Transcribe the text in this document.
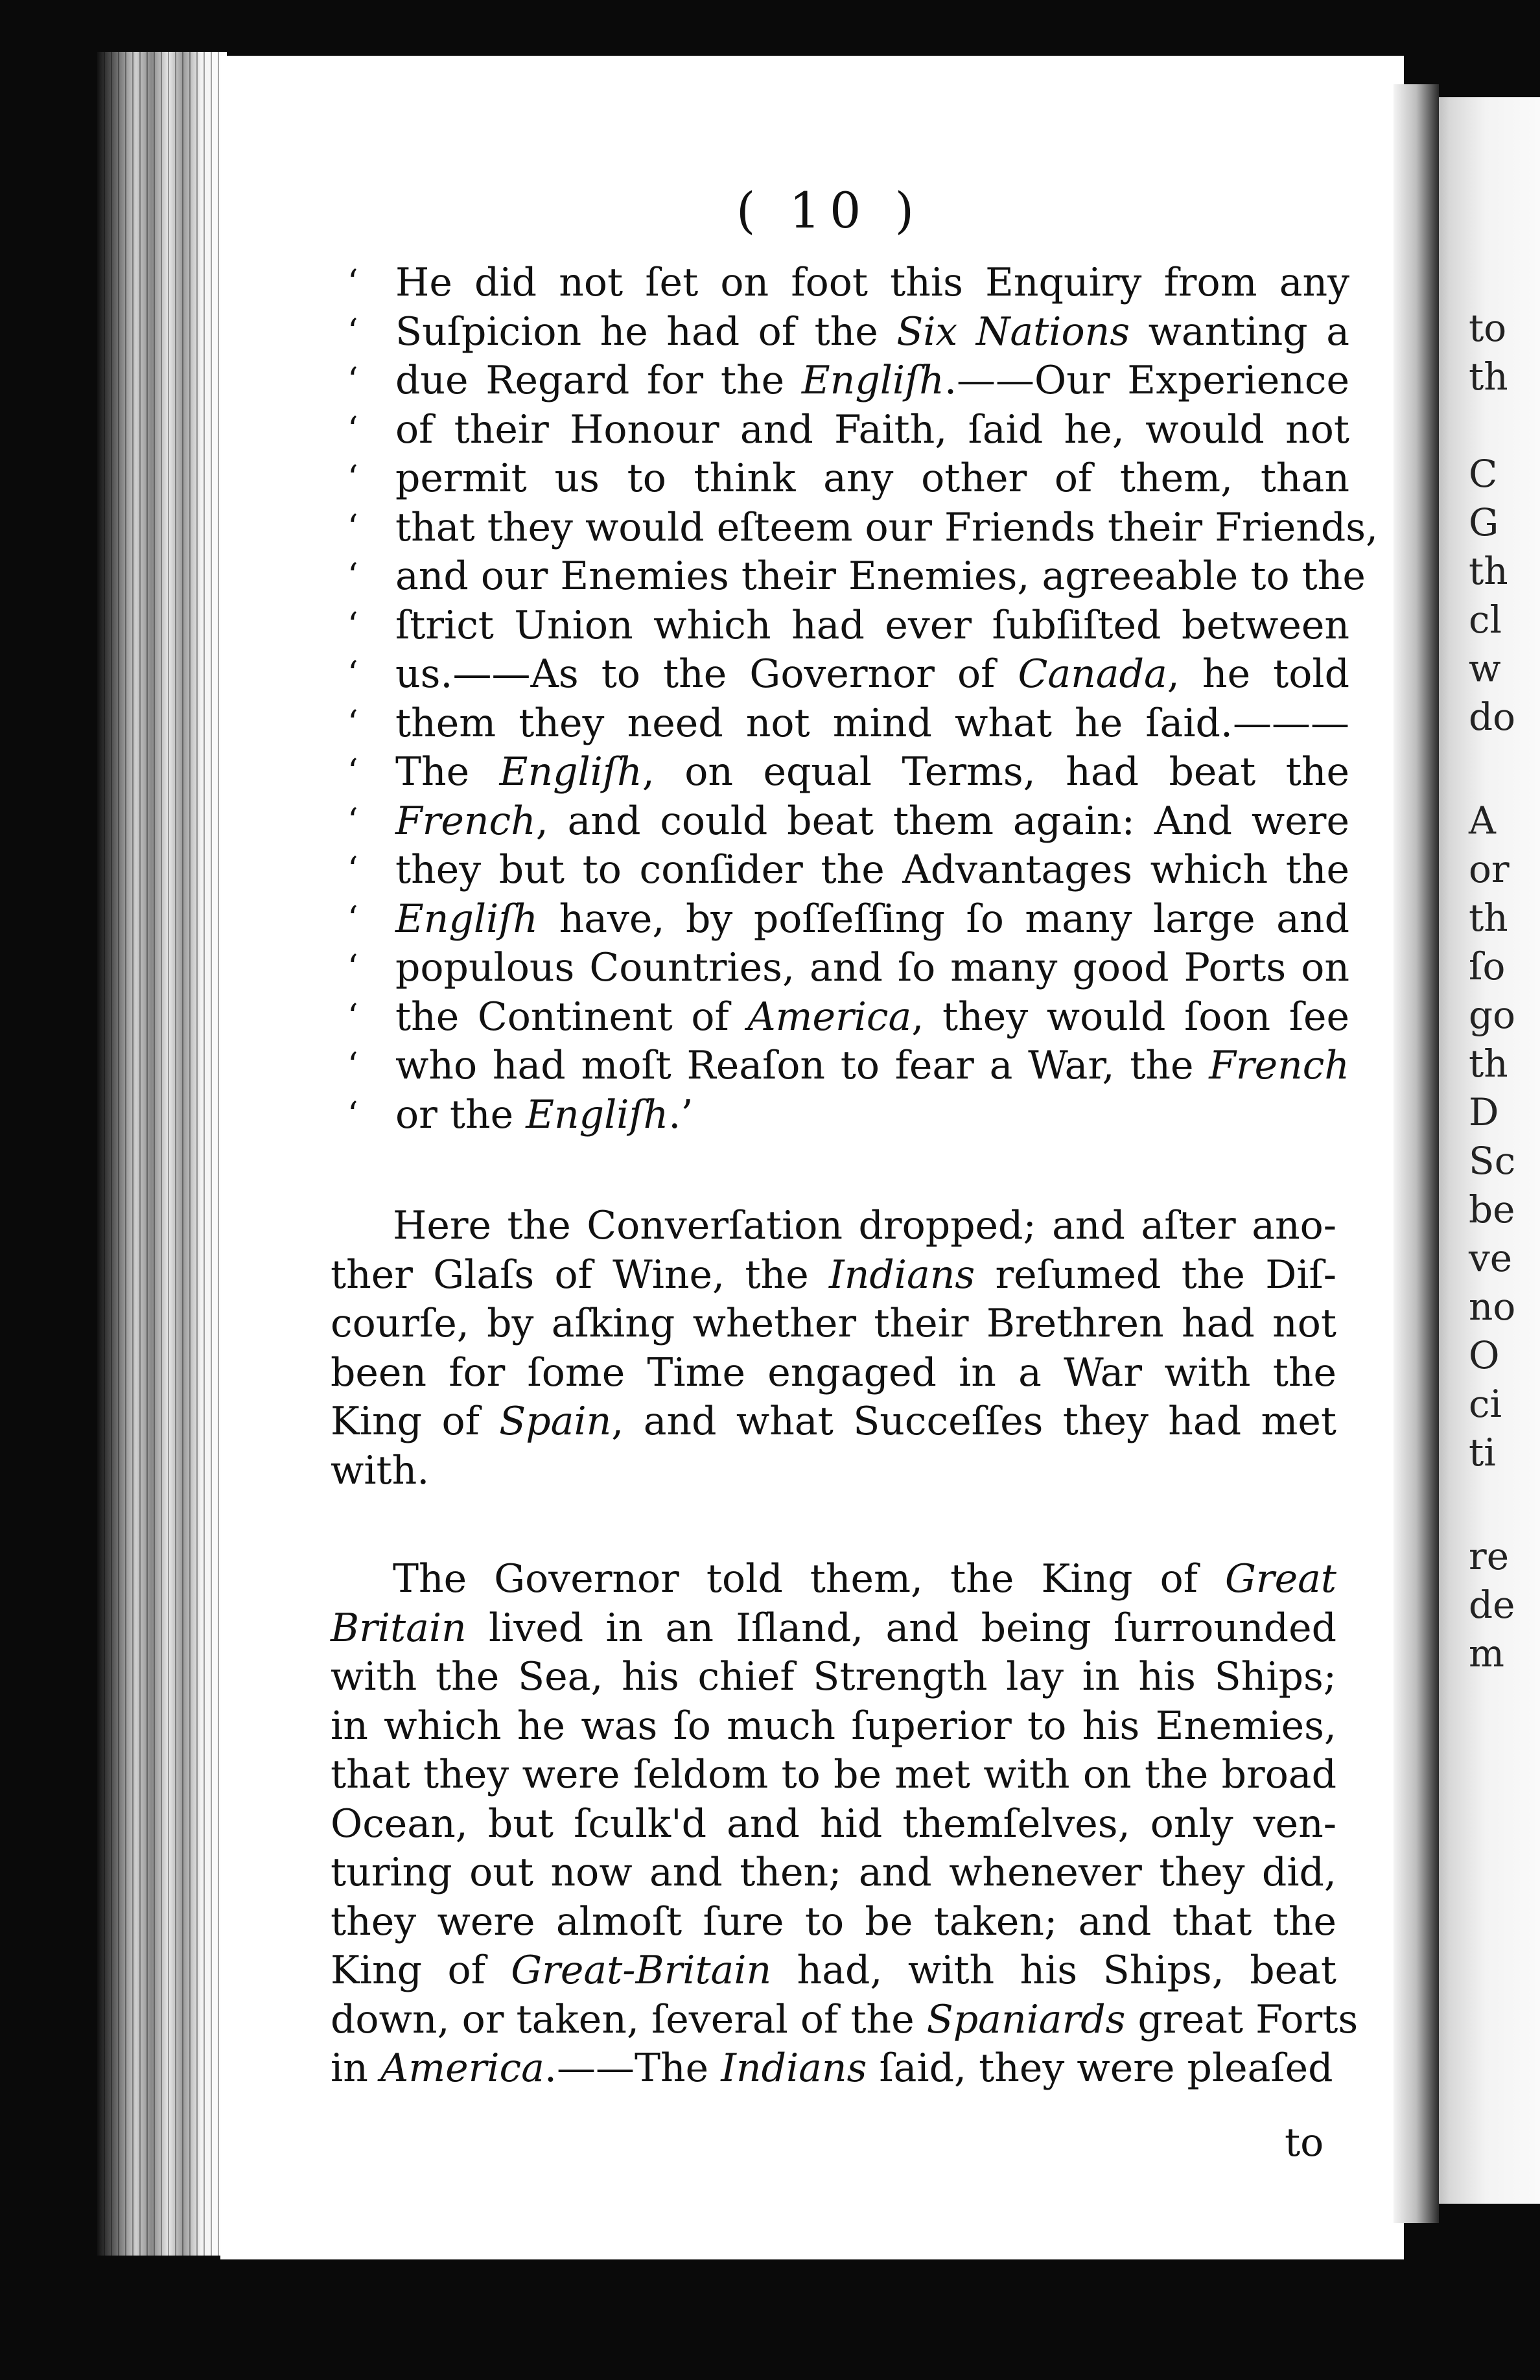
( 10 )
‘ He did not ſet on foot this Enquiry from any
‘ Suſpicion he had of the Six Nations wanting a
‘ due Regard for the Engliſh.——Our Experience
‘ of their Honour and Faith, ſaid he, would not
‘ permit us to think any other of them, than
‘ that they would eſteem our Friends their Friends,
‘ and our Enemies their Enemies, agreeable to the
‘ ſtrict Union which had ever ſubſiſted between
‘ us.——As to the Governor of Canada, he told
‘ them they need not mind what he ſaid.———
‘ The Engliſh, on equal Terms, had beat the
‘ French, and could beat them again: And were
‘ they but to conſider the Advantages which the
‘ Engliſh have, by poſſeſſing ſo many large and
‘ populous Countries, and ſo many good Ports on
‘ the Continent of America, they would ſoon ſee
‘ who had moſt Reaſon to fear a War, the French
‘ or the Engliſh.’
Here the Converſation dropped; and aſter ano-
ther Glaſs of Wine, the Indians reſumed the Diſ-
courſe, by aſking whether their Brethren had not
been for ſome Time engaged in a War with the
King of Spain, and what Succeſſes they had met
with.
The Governor told them, the King of Great
Britain lived in an Iſland, and being ſurrounded
with the Sea, his chief Strength lay in his Ships;
in which he was ſo much ſuperior to his Enemies,
that they were ſeldom to be met with on the broad
Ocean, but ſculk'd and hid themſelves, only ven-
turing out now and then; and whenever they did,
they were almoſt ſure to be taken; and that the
King of Great-Britain had, with his Ships, beat
down, or taken, ſeveral of the Spaniards great Forts
in America.——The Indians ſaid, they were pleaſed
to
to
th
C
G
th
cl
w
do
A
or
th
ſo
go
th
D
Sc
be
ve
no
O
ci
ti
re
de
m
